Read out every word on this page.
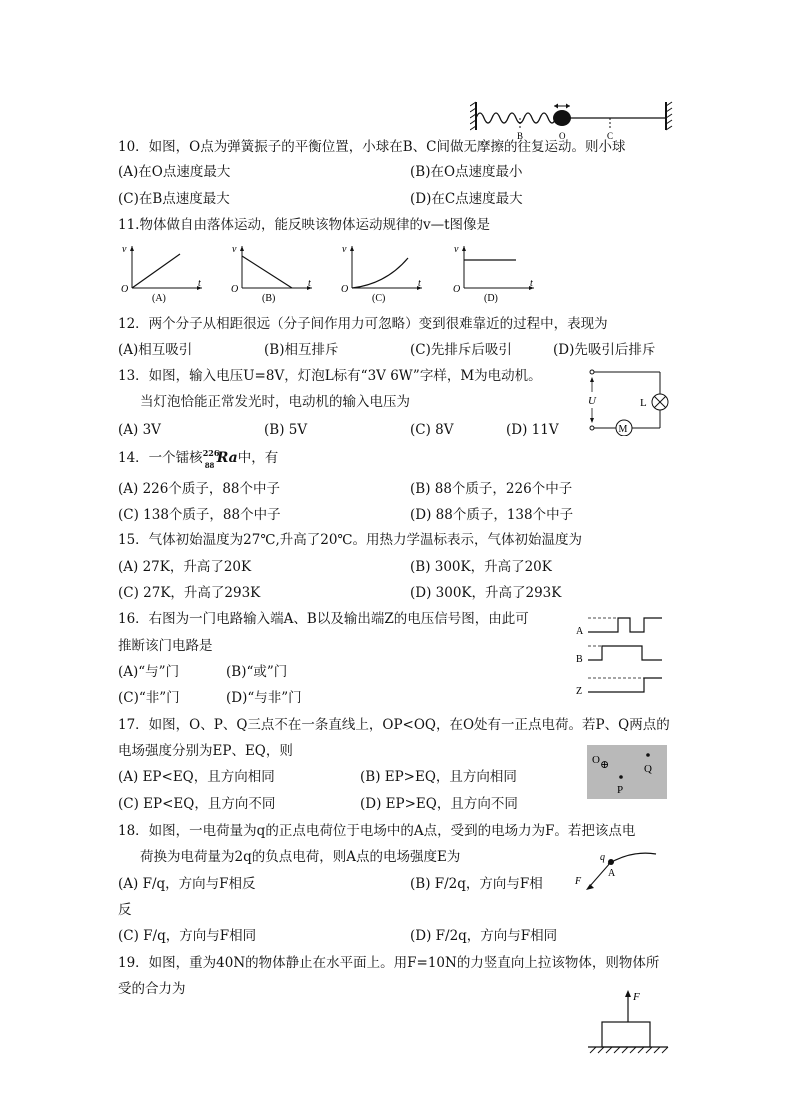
B	O	C
10．如图，O点为弹簧振子的平衡位置，小球在B、C间做无摩擦的往复运动。则小球
(A)在O点速度最大	(B)在O点速度最小
(C)在B点速度最大	(D)在C点速度最大
11.物体做自由落体运动，能反映该物体运动规律的v—t图像是
v
t
O
(A)
v
t
O
(B)
v
t
O
(C)
v
t
O
(D)
12．两个分子从相距很远（分子间作用力可忽略）变到很难靠近的过程中，表现为
(A)相互吸引	(B)相互排斥	(C)先排斥后吸引	(D)先吸引后排斥
13．如图，输入电压U=8V，灯泡L标有“3V 6W”字样，M为电动机。
当灯泡恰能正常发光时，电动机的输入电压为
(A) 3V	(B) 5V	(C) 8V	(D) 11V
U	L
M
14．一个镭核 226
88 Ra中，有
(A) 226个质子，88个中子	(B) 88个质子，226个中子
(C) 138个质子，88个中子	(D) 88个质子，138个中子
15．气体初始温度为27℃,升高了20℃。用热力学温标表示，气体初始温度为
(A) 27K，升高了20K	(B) 300K，升高了20K
(C) 27K，升高了293K	(D) 300K，升高了293K
16．右图为一门电路输入端A、B以及输出端Z的电压信号图，由此可
推断该门电路是
(A)“与”门	(B)“或”门
(C)“非”门	(D)“与非”门
A
B
Z
17．如图，O、P、Q三点不在一条直线上，OP<OQ，在O处有一正点电荷。若P、Q两点的
电场强度分别为EP、EQ，则
(A) EP<EQ，且方向相同	(B) EP>EQ，且方向相同
(C) EP<EQ，且方向不同	(D) EP>EQ，且方向不同
O ⊕	Q
P
18．如图，一电荷量为q的正点电荷位于电场中的A点，受到的电场力为F。若把该点电
荷换为电荷量为2q的负点电荷，则A点的电场强度E为
(A) F/q，方向与F相反	(B) F/2q，方向与F相
反
(C) F/q，方向与F相同	(D) F/2q，方向与F相同
q
A
F
19．如图，重为40N的物体静止在水平面上。用F=10N的力竖直向上拉该物体，则物体所
受的合力为	F
